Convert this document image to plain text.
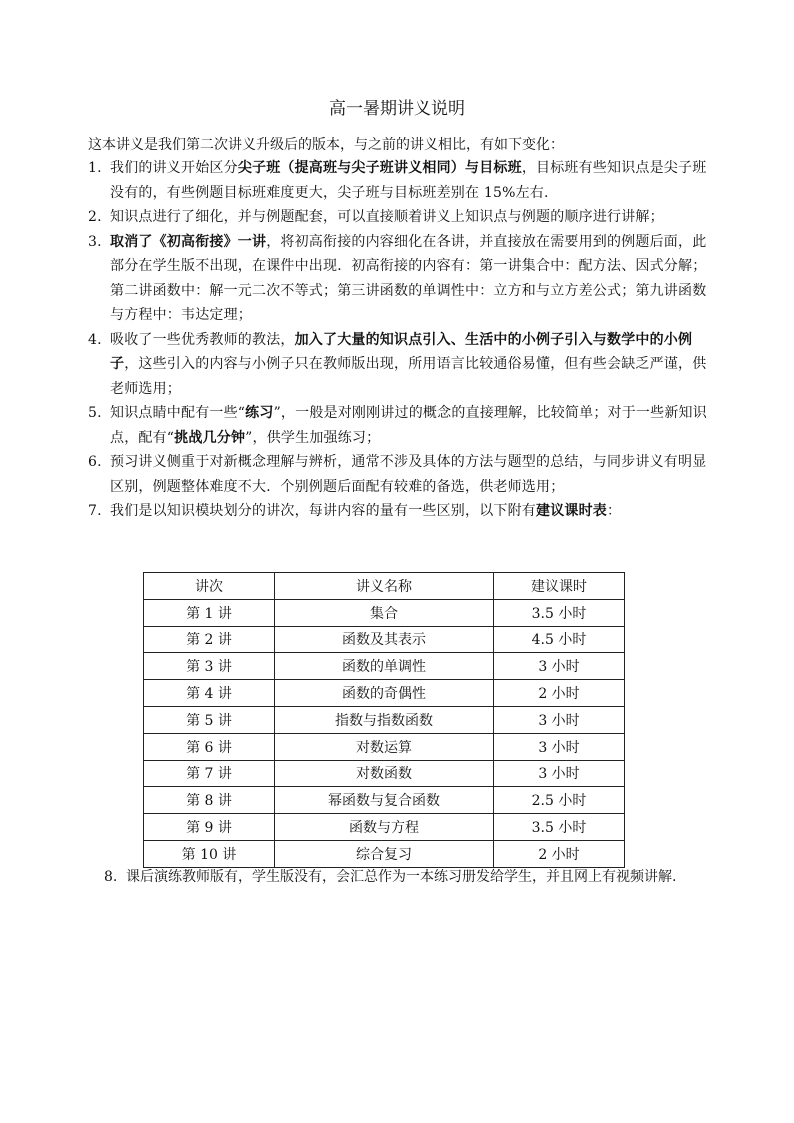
高一暑期讲义说明
这本讲义是我们第二次讲义升级后的版本，与之前的讲义相比，有如下变化：
1. 我们的讲义开始区分尖子班（提高班与尖子班讲义相同）与目标班，目标班有些知识点是尖子班没有的，有些例题目标班难度更大，尖子班与目标班差别在 15%左右.
2. 知识点进行了细化，并与例题配套，可以直接顺着讲义上知识点与例题的顺序进行讲解；
3. 取消了《初高衔接》一讲，将初高衔接的内容细化在各讲，并直接放在需要用到的例题后面，此部分在学生版不出现，在课件中出现．初高衔接的内容有：第一讲集合中：配方法、因式分解；第二讲函数中：解一元二次不等式；第三讲函数的单调性中：立方和与立方差公式；第九讲函数与方程中：韦达定理；
4. 吸收了一些优秀教师的教法，加入了大量的知识点引入、生活中的小例子引入与数学中的小例子，这些引入的内容与小例子只在教师版出现，所用语言比较通俗易懂，但有些会缺乏严谨，供老师选用；
5. 知识点睛中配有一些“练习”，一般是对刚刚讲过的概念的直接理解，比较简单；对于一些新知识点，配有“挑战几分钟”，供学生加强练习；
6. 预习讲义侧重于对新概念理解与辨析，通常不涉及具体的方法与题型的总结，与同步讲义有明显区别，例题整体难度不大．个别例题后面配有较难的备选，供老师选用；
7. 我们是以知识模块划分的讲次，每讲内容的量有一些区别，以下附有建议课时表：
讲次	讲义名称	建议课时
第 1 讲	集合	3.5 小时
第 2 讲	函数及其表示	4.5 小时
第 3 讲	函数的单调性	3 小时
第 4 讲	函数的奇偶性	2 小时
第 5 讲	指数与指数函数	3 小时
第 6 讲	对数运算	3 小时
第 7 讲	对数函数	3 小时
第 8 讲	幂函数与复合函数	2.5 小时
第 9 讲	函数与方程	3.5 小时
第 10 讲	综合复习	2 小时
8. 课后演练教师版有，学生版没有，会汇总作为一本练习册发给学生，并且网上有视频讲解.
